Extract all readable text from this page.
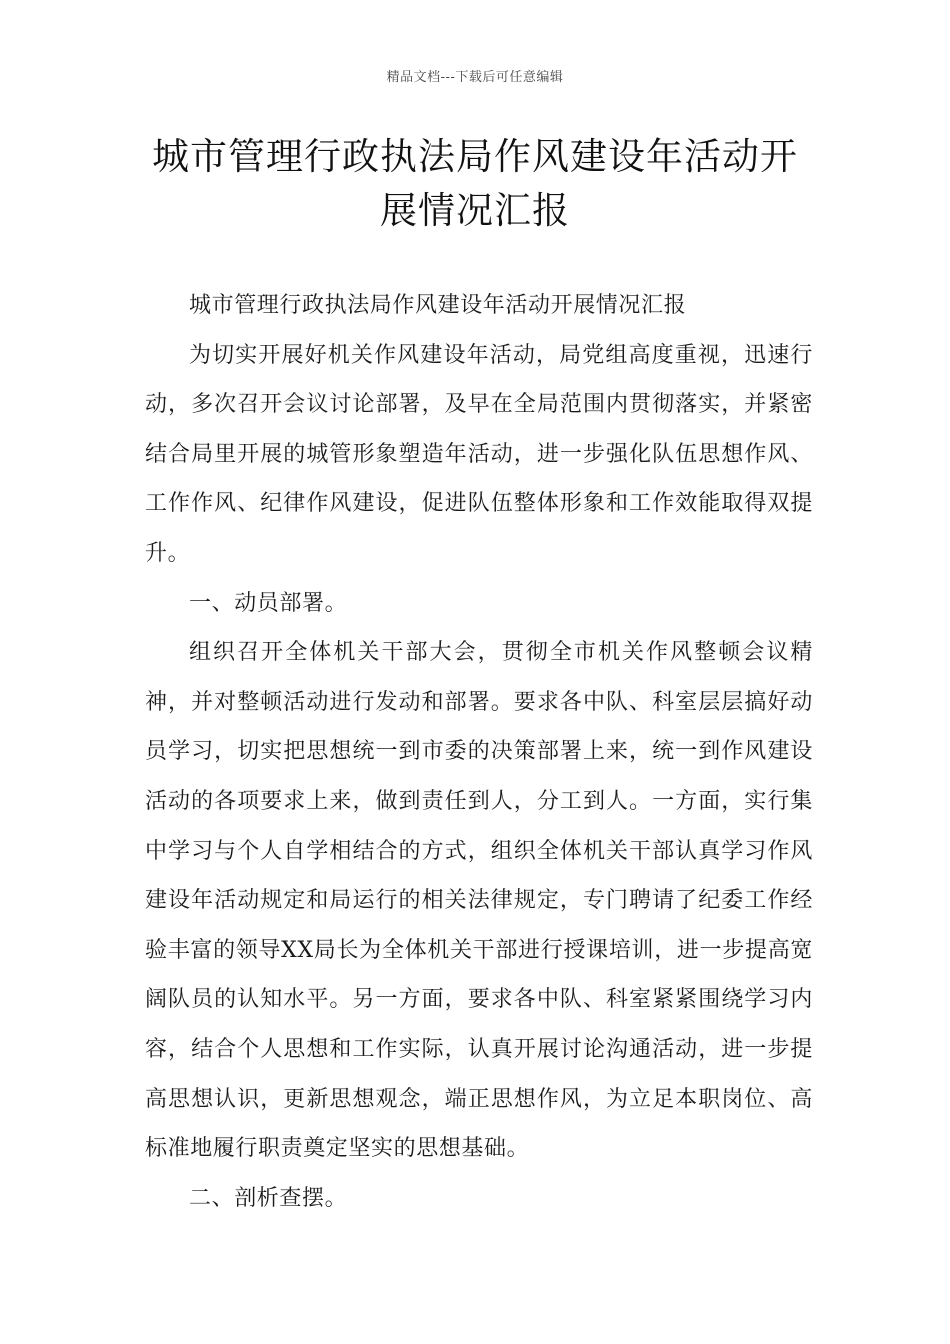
精品文档---下载后可任意编辑
城市管理行政执法局作风建设年活动开展情况汇报

城市管理行政执法局作风建设年活动开展情况汇报

为切实开展好机关作风建设年活动，局党组高度重视，迅速行动，多次召开会议讨论部署，及早在全局范围内贯彻落实，并紧密结合局里开展的城管形象塑造年活动，进一步强化队伍思想作风、工作作风、纪律作风建设，促进队伍整体形象和工作效能取得双提升。

一、动员部署。

组织召开全体机关干部大会，贯彻全市机关作风整顿会议精神，并对整顿活动进行发动和部署。要求各中队、科室层层搞好动员学习，切实把思想统一到市委的决策部署上来，统一到作风建设活动的各项要求上来，做到责任到人，分工到人。一方面，实行集中学习与个人自学相结合的方式，组织全体机关干部认真学习作风建设年活动规定和局运行的相关法律规定，专门聘请了纪委工作经验丰富的领导XX局长为全体机关干部进行授课培训，进一步提高宽阔队员的认知水平。另一方面，要求各中队、科室紧紧围绕学习内容，结合个人思想和工作实际，认真开展讨论沟通活动，进一步提高思想认识，更新思想观念，端正思想作风，为立足本职岗位、高标准地履行职责奠定坚实的思想基础。

二、剖析查摆。
